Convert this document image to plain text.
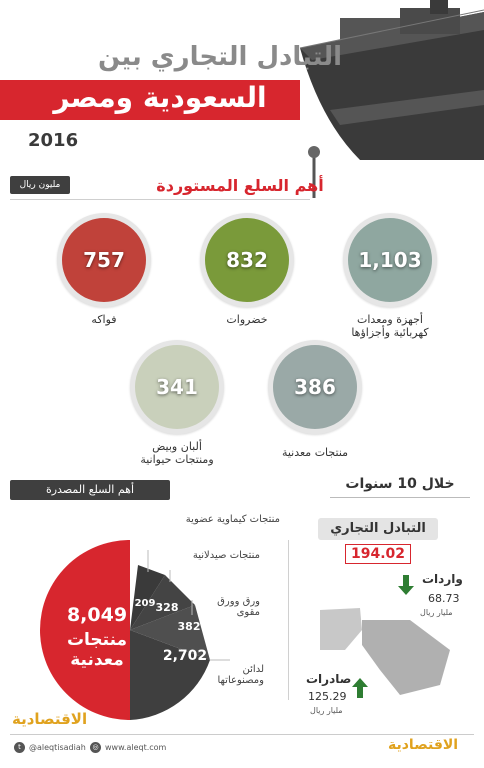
التبادل التجاري بين
السعودية ومصر
2016
مليون ريال	أهم السلع المستوردة
1,103
أجهزة ومعدات
كهربائية وأجزاؤها
832
خضروات
757
فواكه
386
منتجات معدنية
341
ألبان وبيض
ومنتجات حيوانية
أهم السلع المصدرة
8,049
منتجات
معدنية	2,702
382
328
209
منتجات كيماوية عضوية
منتجات صيدلانية
ورق وورق
مقوى
لدائن
ومصنوعاتها
خلال 10 سنوات
التبادل التجاري
194.02
واردات
68.73
مليار ريال
صادرات
125.29
مليار ريال
الاقتصادية
t	@aleqtisadiah ◎ www.aleqt.com	الاقتصادية
